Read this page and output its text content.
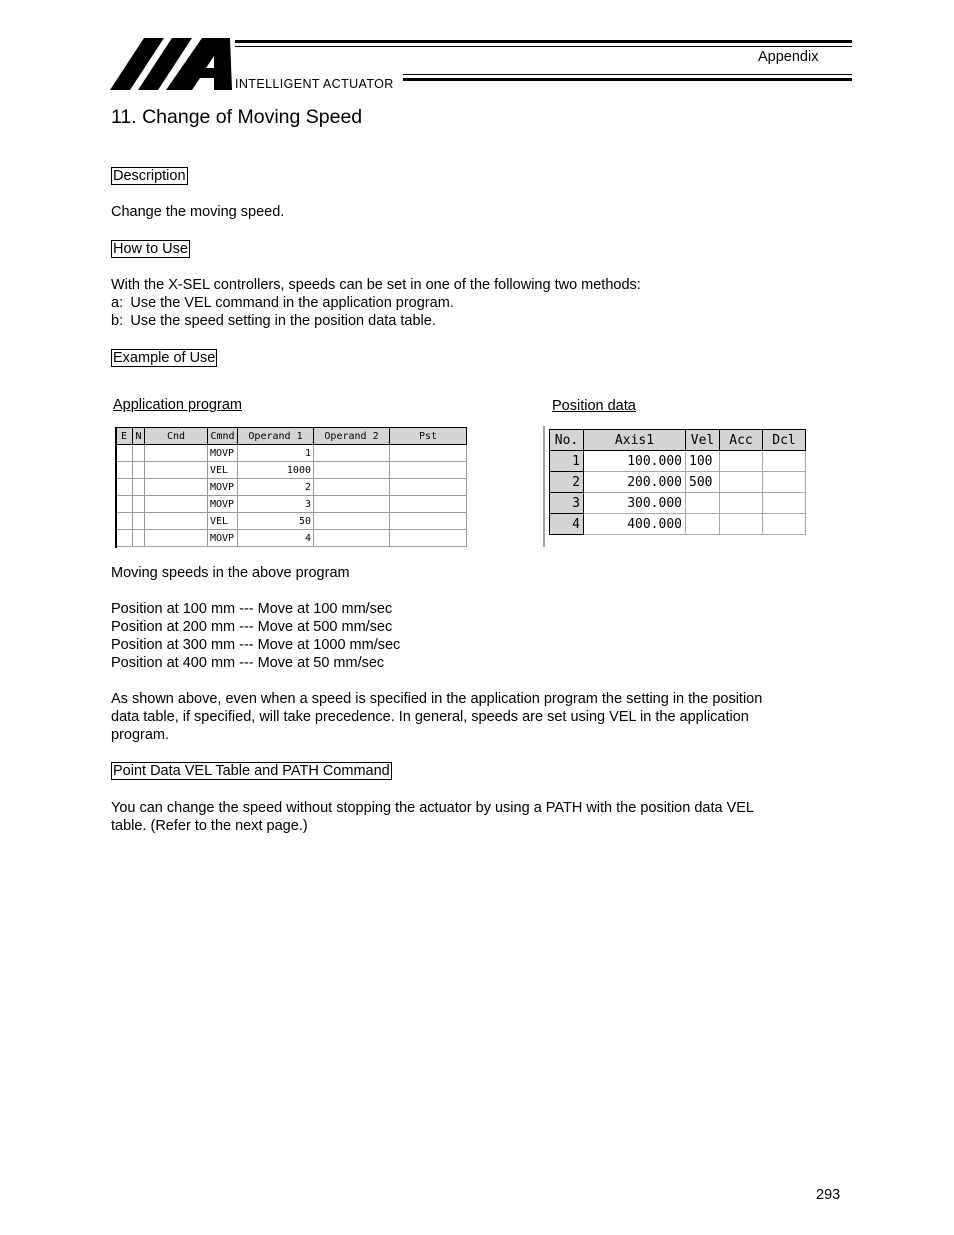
INTELLIGENT ACTUATOR
Appendix
11. Change of Moving Speed
Description
Change the moving speed.
How to Use
With the X-SEL controllers, speeds can be set in one of the following two methods:
a: Use the VEL command in the application program.
b: Use the speed setting in the position data table.
Example of Use
Application program	Position data
E	N	Cnd	Cmnd	Operand 1	Operand 2	Pst
			MOVP	1		
			VEL	1000		
			MOVP	2		
			MOVP	3		
			VEL	50		
			MOVP	4		
No.	Axis1	Vel	Acc	Dcl
1	100.000	100		
2	200.000	500		
3	300.000			
4	400.000			
Moving speeds in the above program
Position at 100 mm --- Move at 100 mm/sec
Position at 200 mm --- Move at 500 mm/sec
Position at 300 mm --- Move at 1000 mm/sec
Position at 400 mm --- Move at 50 mm/sec
As shown above, even when a speed is specified in the application program the setting in the position
data table, if specified, will take precedence. In general, speeds are set using VEL in the application
program.
Point Data VEL Table and PATH Command
You can change the speed without stopping the actuator by using a PATH with the position data VEL
table. (Refer to the next page.)
293
